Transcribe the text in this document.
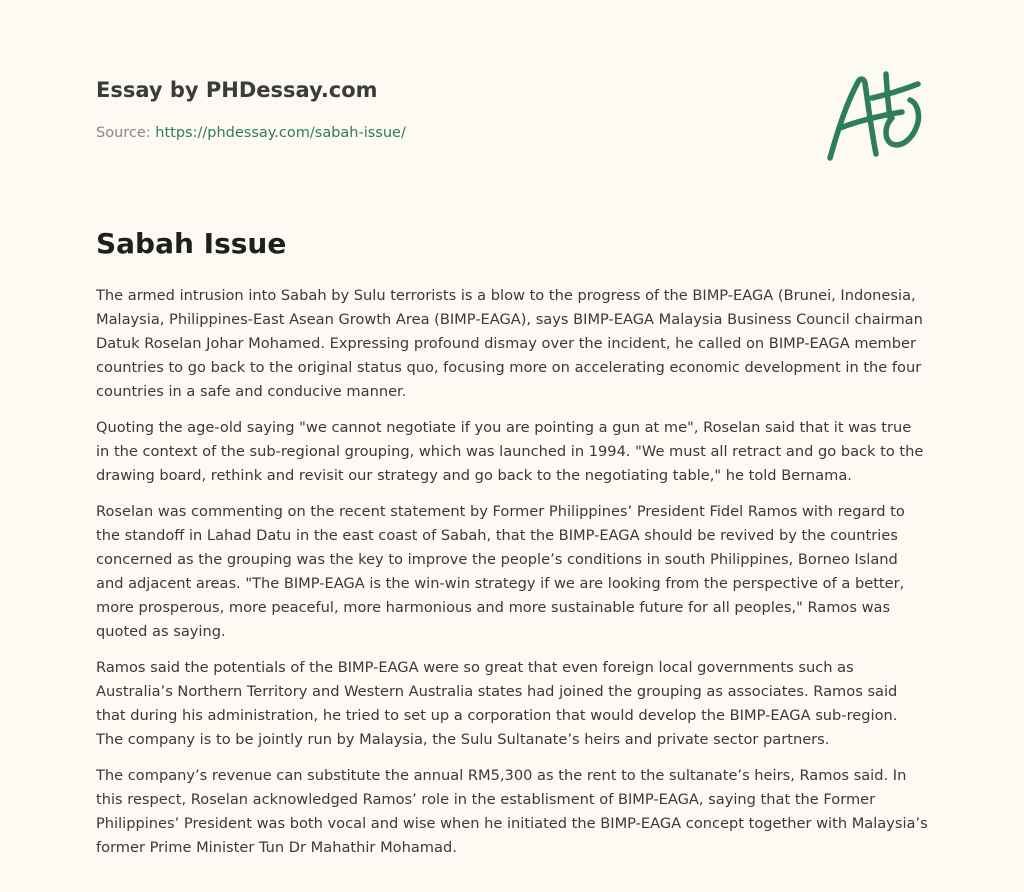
Essay by PHDessay.com
Source: https://phdessay.com/sabah-issue/
Sabah Issue

The armed intrusion into Sabah by Sulu terrorists is a blow to the progress of the BIMP-EAGA (Brunei, Indonesia, Malaysia, Philippines-East Asean Growth Area (BIMP-EAGA), says BIMP-EAGA Malaysia Business Council chairman Datuk Roselan Johar Mohamed. Expressing profound dismay over the incident, he called on BIMP-EAGA member countries to go back to the original status quo, focusing more on accelerating economic development in the four countries in a safe and conducive manner.

Quoting the age-old saying "we cannot negotiate if you are pointing a gun at me", Roselan said that it was true in the context of the sub-regional grouping, which was launched in 1994. "We must all retract and go back to the drawing board, rethink and revisit our strategy and go back to the negotiating table," he told Bernama.

Roselan was commenting on the recent statement by Former Philippines’ President Fidel Ramos with regard to the standoff in Lahad Datu in the east coast of Sabah, that the BIMP-EAGA should be revived by the countries concerned as the grouping was the key to improve the people’s conditions in south Philippines, Borneo Island and adjacent areas. "The BIMP-EAGA is the win-win strategy if we are looking from the perspective of a better, more prosperous, more peaceful, more harmonious and more sustainable future for all peoples," Ramos was quoted as saying.

Ramos said the potentials of the BIMP-EAGA were so great that even foreign local governments such as Australia’s Northern Territory and Western Australia states had joined the grouping as associates. Ramos said that during his administration, he tried to set up a corporation that would develop the BIMP-EAGA sub-region. The company is to be jointly run by Malaysia, the Sulu Sultanate’s heirs and private sector partners.

The company’s revenue can substitute the annual RM5,300 as the rent to the sultanate’s heirs, Ramos said. In this respect, Roselan acknowledged Ramos’ role in the establisment of BIMP-EAGA, saying that the Former Philippines’ President was both vocal and wise when he initiated the BIMP-EAGA concept together with Malaysia’s former Prime Minister Tun Dr Mahathir Mohamad.
